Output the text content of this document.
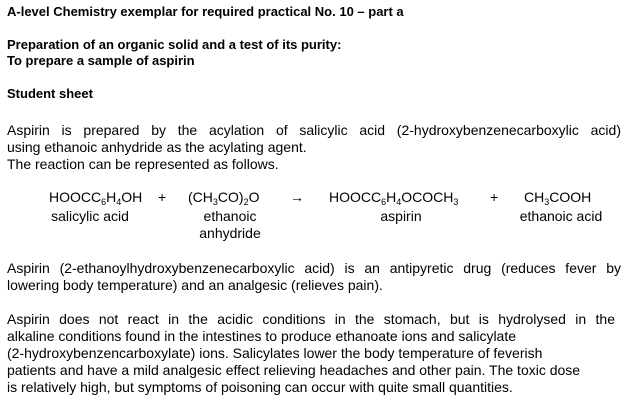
A-level Chemistry exemplar for required practical No. 10 – part a
Preparation of an organic solid and a test of its purity:
To prepare a sample of aspirin
Student sheet
Aspirin is prepared by the acylation of salicylic acid (2-hydroxybenzenecarboxylic acid)
using ethanoic anhydride as the acylating agent.
The reaction can be represented as follows.
$HOOCC_6H_4OH$
salicylic acid
+ $(CH_3CO)_2O$
ethanoic
anhydride
→ $HOOCC_6H_4OCOCH_3$
aspirin
+ $CH_3COOH$
ethanoic acid
Aspirin (2-ethanoylhydroxybenzenecarboxylic acid) is an antipyretic drug (reduces fever by
lowering body temperature) and an analgesic (relieves pain).
Aspirin does not react in the acidic conditions in the stomach, but is hydrolysed in the
alkaline conditions found in the intestines to produce ethanoate ions and salicylate
(2-hydroxybenzencarboxylate) ions. Salicylates lower the body temperature of feverish
patients and have a mild analgesic effect relieving headaches and other pain. The toxic dose
is relatively high, but symptoms of poisoning can occur with quite small quantities.
